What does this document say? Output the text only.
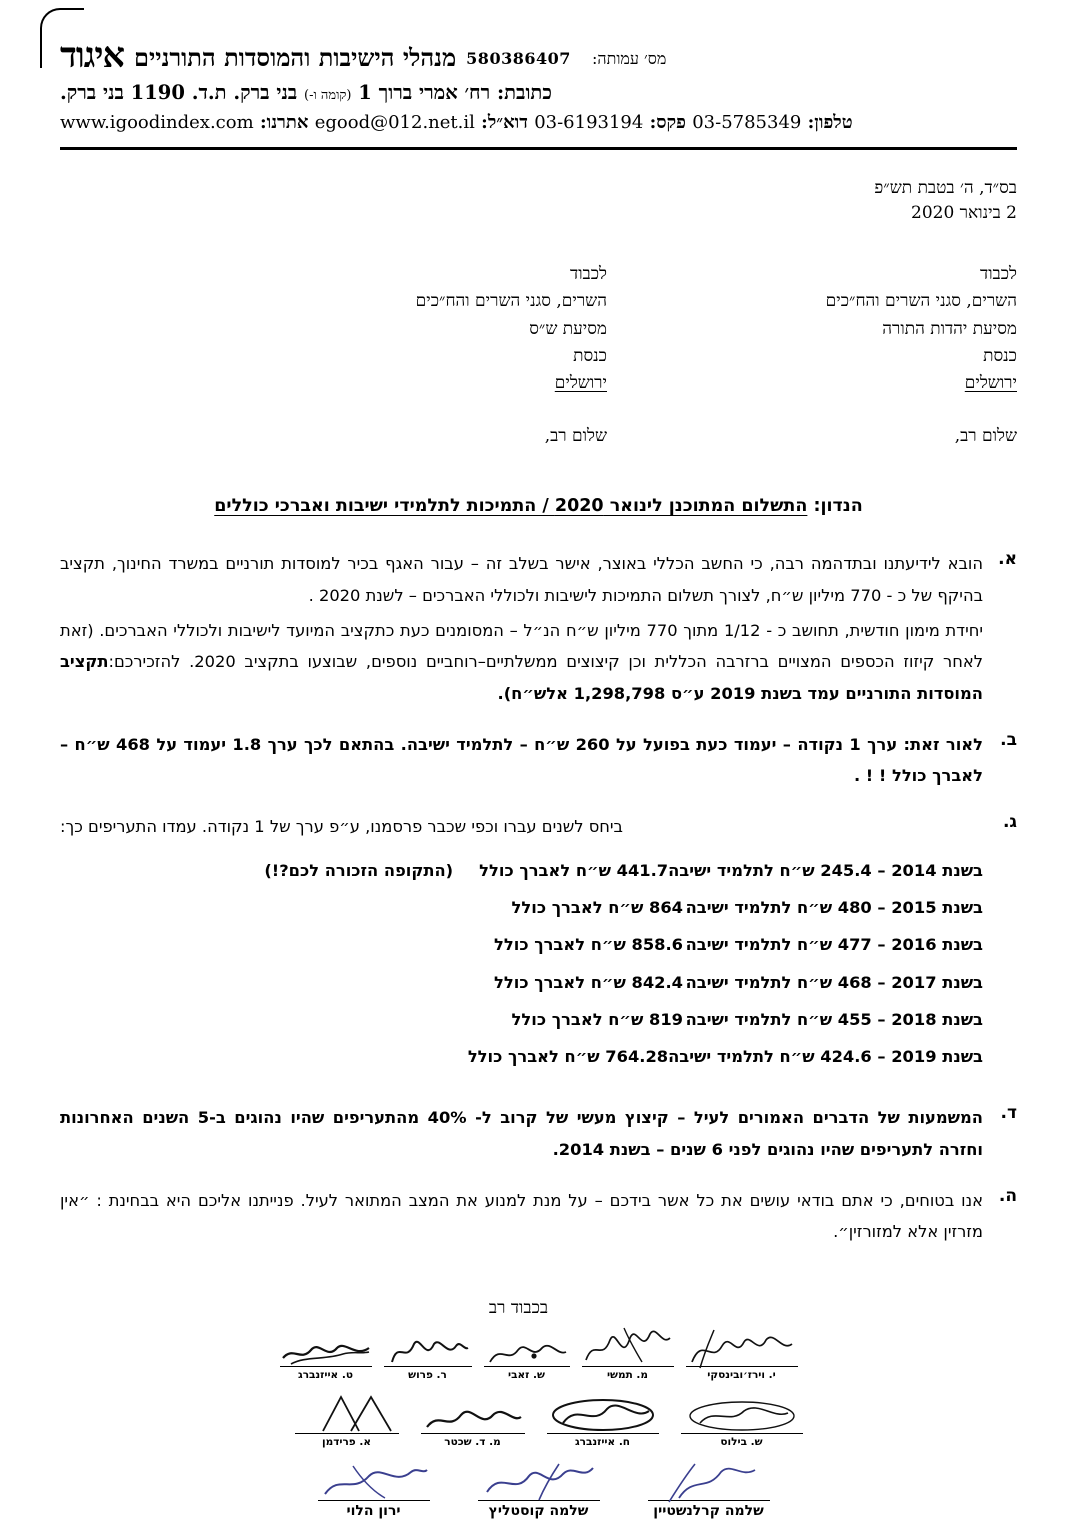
איגוד מנהלי הישיבות והמוסדות התורניים	מס׳ עמותה: 580386407
כתובת: רח׳ אמרי ברוך 1 (קומה ו-) בני ברק. ת.ד. 1190 בני ברק.
טלפון: 03-5785349 פקס: 03-6193194 דוא״ל: egood@012.net.il אתרנו: www.igoodindex.com
בס״ד, ה׳ בטבת תש״פ
2 בינואר 2020
לכבוד
השרים, סגני השרים והח״כים
מסיעת יהדות התורה
כנסת
ירושלים
שלום רב,
לכבוד
השרים, סגני השרים והח״כים
מסיעת ש״ס
כנסת
ירושלים
שלום רב,
הנדון: התשלום המתוכנן לינואר 2020 / התמיכות לתלמידי ישיבות ואברכי כוללים
א.

הובא לידיעתנו ובתדהמה רבה, כי החשב הכללי באוצר, אישר בשלב זה – עבור האגף בכיר למוסדות תורניים במשרד החינוך, תקציב בהיקף של כ - 770 מיליון ש״ח, לצורך תשלום התמיכות לישיבות ולכוללי האברכים – לשנת 2020 .

יחידת מימון חודשית, תחושב כ - 1/12 מתוך 770 מיליון ש״ח הנ״ל – המסומנים כעת כתקציב המיועד לישיבות ולכוללי האברכים. (זאת לאחר קיזוז הכספים המצויים ברזרבה הכללית וכן קיצוצים ממשלתיים–רוחביים נוספים, שבוצעו בתקציב 2020. להזכירכם:תקציב המוסדות התורניים עמד בשנת 2019 ע״ס 1,298,798 אלש״ח).

ב.

לאור זאת: ערך 1 נקודה – יעמוד כעת בפועל על 260 ש״ח – לתלמיד ישיבה. בהתאם לכך ערך 1.8 יעמוד על 468 ש״ח – לאברך כולל ! ! .

ג.

ביחס לשנים עברו וכפי שכבר פרסמנו, ע״פ ערך של 1 נקודה. עמדו התעריפים כך:

בשנת 2014 – 245.4 ש״ח לתלמיד ישיבה
441.7 ש״ח לאברך כולל
(התקופה הזכורה לכם?!)
בשנת 2015 – 480 ש״ח לתלמיד ישיבה
864 ש״ח לאברך כולל
בשנת 2016 – 477 ש״ח לתלמיד ישיבה
858.6 ש״ח לאברך כולל
בשנת 2017 – 468 ש״ח לתלמיד ישיבה
842.4 ש״ח לאברך כולל
בשנת 2018 – 455 ש״ח לתלמיד ישיבה
819 ש״ח לאברך כולל
בשנת 2019 – 424.6 ש״ח לתלמיד ישיבה
764.28 ש״ח לאברך כולל
ד.

המשמעות של הדברים האמורים לעיל – קיצוץ מעשי של קרוב ל- 40% מהתעריפים שהיו נהוגים ב-5 השנים האחרונות וחזרה לתעריפים שהיו נהוגים לפני 6 שנים – בשנת 2014.

ה.

אנו בטוחים, כי אתם בודאי עושים את כל אשר בידכם – על מנת למנוע את המצב המתואר לעיל. פנייתנו אליכם היא בבחינת : ״אין מזרזין אלא למזורזין״.

בכבוד רב
י. וירז׳ובינסקי
מ. תמשי
ש. זאבי
ר. פרוש
ט. אייזנברג
ש. בילוס
ח. אייזנברג
מ. ד. שכטר
א. פרידמן
שלמה קרלנשטיין
שלמה קוסטליץ
ירון הלוי
